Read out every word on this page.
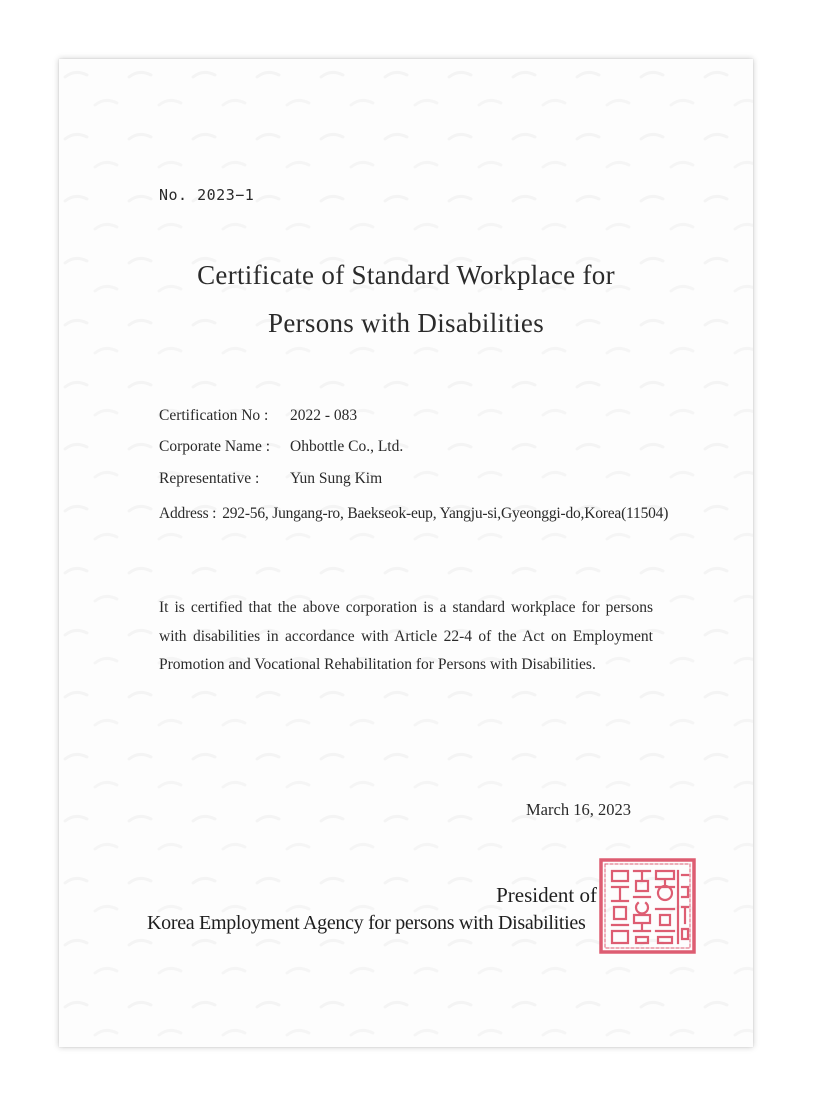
No. 2023−1
Certificate of Standard Workplace for
Persons with Disabilities
Certification No : 2022 - 083
Corporate Name : Ohbottle Co., Ltd.
Representative : Yun Sung Kim
Address : 292-56, Jungang-ro, Baekseok-eup, Yangju-si,Gyeonggi-do,Korea(11504)
It is certified that the above corporation is a standard workplace for persons with disabilities in accordance with Article 22-4 of the Act on Employment Promotion and Vocational Rehabilitation for Persons with Disabilities.
March 16, 2023
President of
Korea Employment Agency for persons with Disabilities
